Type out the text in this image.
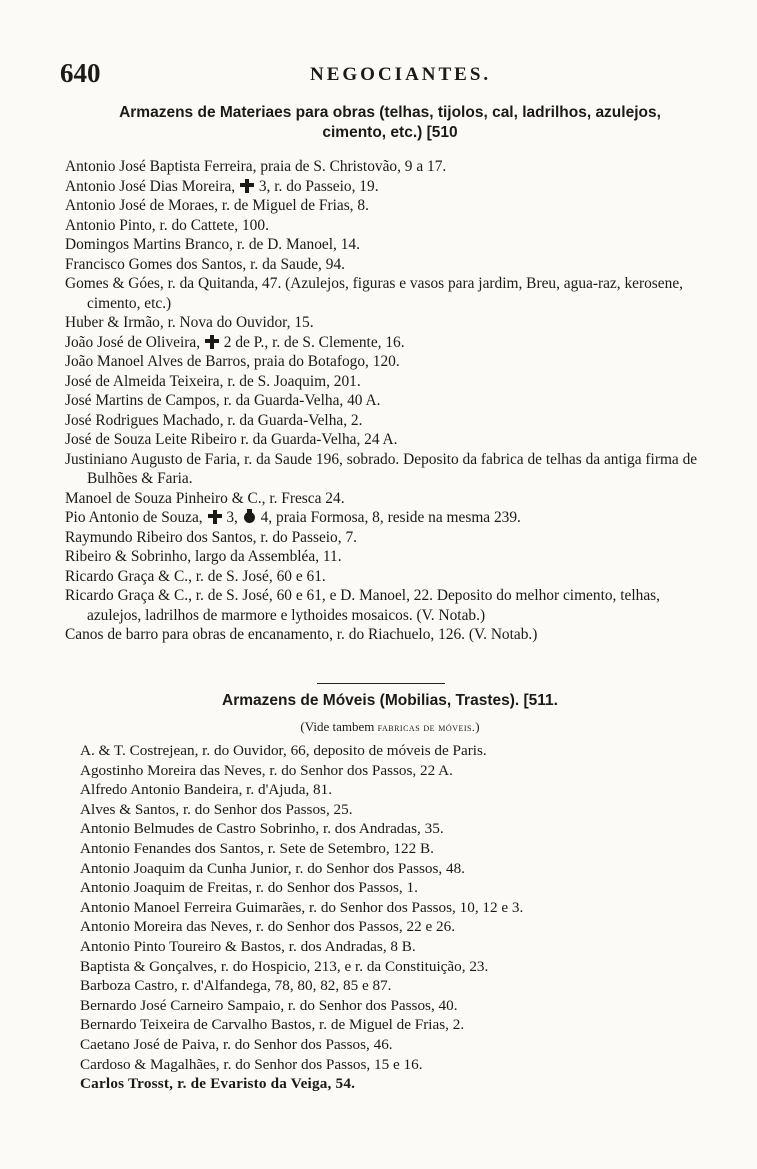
640	NEGOCIANTES.
Armazens de Materiaes para obras (telhas, tijolos, cal, ladrilhos, azulejos,
cimento, etc.) [510
Antonio José Baptista Ferreira, praia de S. Christovão, 9 a 17.
Antonio José Dias Moreira,  3, r. do Passeio, 19.
Antonio José de Moraes, r. de Miguel de Frias, 8.
Antonio Pinto, r. do Cattete, 100.
Domingos Martins Branco, r. de D. Manoel, 14.
Francisco Gomes dos Santos, r. da Saude, 94.
Gomes & Góes, r. da Quitanda, 47. (Azulejos, figuras e vasos para jardim, Breu, agua-raz, kerosene, cimento, etc.)
Huber & Irmão, r. Nova do Ouvidor, 15.
João José de Oliveira,  2 de P., r. de S. Clemente, 16.
João Manoel Alves de Barros, praia do Botafogo, 120.
José de Almeida Teixeira, r. de S. Joaquim, 201.
José Martins de Campos, r. da Guarda-Velha, 40 A.
José Rodrigues Machado, r. da Guarda-Velha, 2.
José de Souza Leite Ribeiro r. da Guarda-Velha, 24 A.
Justiniano Augusto de Faria, r. da Saude 196, sobrado. Deposito da fabrica de telhas da antiga firma de Bulhões & Faria.
Manoel de Souza Pinheiro & C., r. Fresca 24.
Pio Antonio de Souza,  3,  4, praia Formosa, 8, reside na mesma 239.
Raymundo Ribeiro dos Santos, r. do Passeio, 7.
Ribeiro & Sobrinho, largo da Assembléa, 11.
Ricardo Graça & C., r. de S. José, 60 e 61.
Ricardo Graça & C., r. de S. José, 60 e 61, e D. Manoel, 22. Deposito do melhor cimento, telhas, azulejos, ladrilhos de marmore e lythoides mosaicos. (V. Notab.)
Canos de barro para obras de encanamento, r. do Riachuelo, 126. (V. Notab.)
Armazens de Móveis (Mobilias, Trastes). [511.
(Vide tambem fabricas de móveis.)
A. & T. Costrejean, r. do Ouvidor, 66, deposito de móveis de Paris.
Agostinho Moreira das Neves, r. do Senhor dos Passos, 22 A.
Alfredo Antonio Bandeira, r. d'Ajuda, 81.
Alves & Santos, r. do Senhor dos Passos, 25.
Antonio Belmudes de Castro Sobrinho, r. dos Andradas, 35.
Antonio Fenandes dos Santos, r. Sete de Setembro, 122 B.
Antonio Joaquim da Cunha Junior, r. do Senhor dos Passos, 48.
Antonio Joaquim de Freitas, r. do Senhor dos Passos, 1.
Antonio Manoel Ferreira Guimarães, r. do Senhor dos Passos, 10, 12 e 3.
Antonio Moreira das Neves, r. do Senhor dos Passos, 22 e 26.
Antonio Pinto Toureiro & Bastos, r. dos Andradas, 8 B.
Baptista & Gonçalves, r. do Hospicio, 213, e r. da Constituição, 23.
Barboza Castro, r. d'Alfandega, 78, 80, 82, 85 e 87.
Bernardo José Carneiro Sampaio, r. do Senhor dos Passos, 40.
Bernardo Teixeira de Carvalho Bastos, r. de Miguel de Frias, 2.
Caetano José de Paiva, r. do Senhor dos Passos, 46.
Cardoso & Magalhães, r. do Senhor dos Passos, 15 e 16.
Carlos Trosst, r. de Evaristo da Veiga, 54.
